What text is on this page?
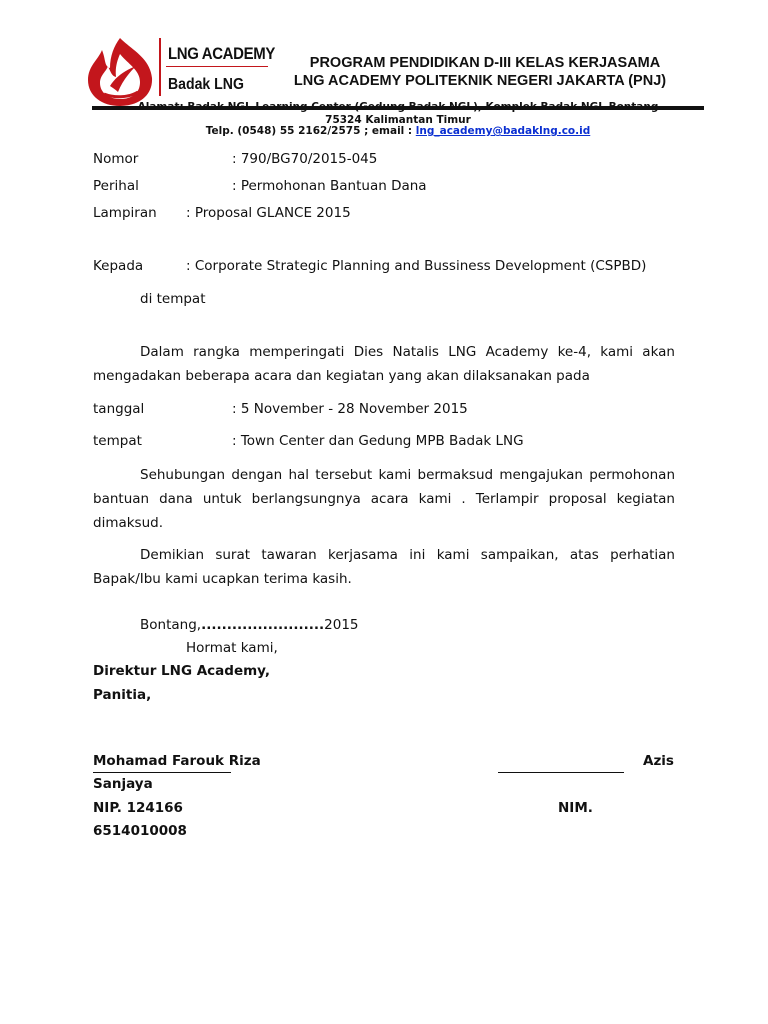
LNG ACADEMY
Badak LNG
PROGRAM PENDIDIKAN D-III KELAS KERJASAMA
LNG ACADEMY POLITEKNIK NEGERI JAKARTA (PNJ)
75324 Kalimantan Timur
Telp. (0548) 55 2162/2575 ; email : lng_academy@badaklng.co.id
Nomor	: 790/BG70/2015-045
Perihal	: Permohonan Bantuan Dana
Lampiran : Proposal GLANCE 2015
Kepada	: Corporate Strategic Planning and Bussiness Development (CSPBD)
di tempat
Dalam rangka memperingati Dies Natalis LNG Academy ke-4, kami akan mengadakan beberapa acara dan kegiatan yang akan dilaksanakan pada
tanggal	: 5 November - 28 November 2015
tempat	: Town Center dan Gedung MPB Badak LNG
Sehubungan dengan hal tersebut kami bermaksud mengajukan permohonan bantuan dana untuk berlangsungnya acara kami . Terlampir proposal kegiatan dimaksud.
Demikian surat tawaran kerjasama ini kami sampaikan, atas perhatian Bapak/Ibu kami ucapkan terima kasih.
Bontang,........................2015
Hormat kami,
Direktur LNG Academy,
Panitia,
Mohamad Farouk Riza	Azis
Sanjaya
NIP. 124166	NIM.
6514010008
